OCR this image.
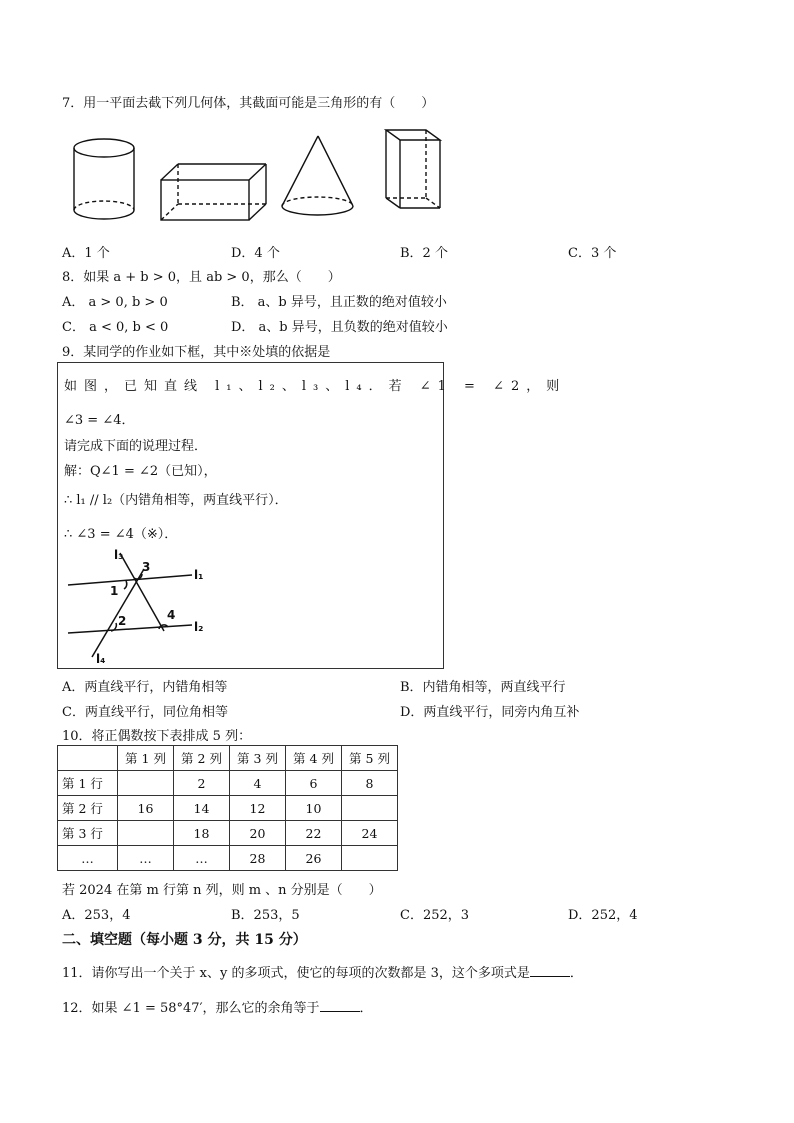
7．用一平面去截下列几何体，其截面可能是三角形的有（　　）
A．1 个	D．4 个	B．2 个	C．3 个
8．如果 a + b > 0，且 ab > 0，那么（　　）
A． a > 0, b > 0	B． a、b 异号，且正数的绝对值较小
C． a < 0, b < 0	D． a、b 异号，且负数的绝对值较小
9．某同学的作业如下框，其中※处填的依据是
如图，已知直线 l₁、l₂、l₃、l₄．若 ∠1 = ∠2，则
∠3 = ∠4．
请完成下面的说理过程．
解：Q∠1 = ∠2（已知），
∴ l₁ // l₂（内错角相等，两直线平行）．
∴ ∠3 = ∠4（※）．
3
1
2	4
l₃
l₁
l₂
l₄
A．两直线平行，内错角相等	B．内错角相等，两直线平行
C．两直线平行，同位角相等	D．两直线平行，同旁内角互补
10．将正偶数按下表排成 5 列：
	第 1 列	第 2 列	第 3 列	第 4 列	第 5 列
第 1 行		2	4	6	8
第 2 行	16	14	12	10	
第 3 行		18	20	22	24
…	…	…	28	26	
若 2024 在第 m 行第 n 列，则 m 、n 分别是（　　）
A．253，4	B．253，5	C．252，3	D．252，4
二、填空题（每小题 3 分，共 15 分）
11．请你写出一个关于 x、y 的多项式，使它的每项的次数都是 3，这个多项式是	．
12．如果 ∠1 = 58°47′，那么它的余角等于	．
